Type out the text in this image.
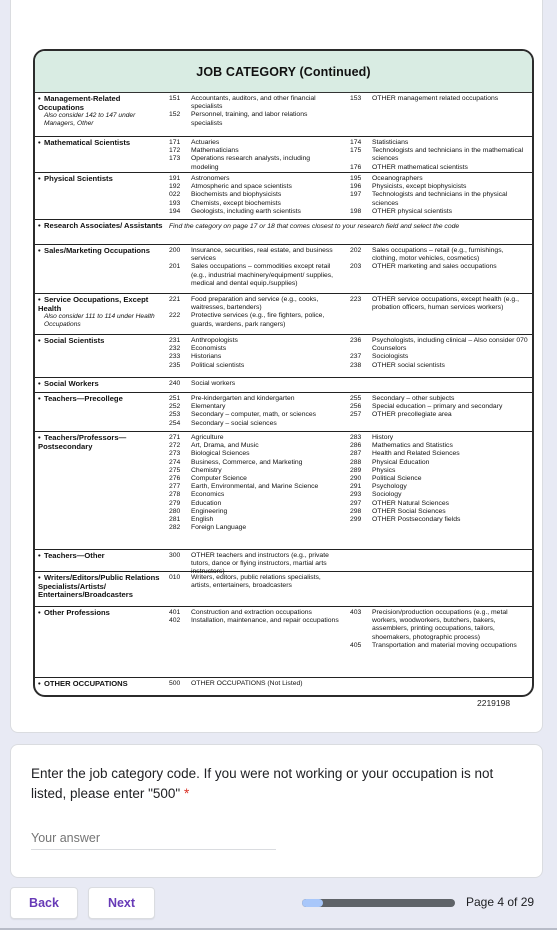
JOB CATEGORY (Continued)
• Management-Related Occupations
Also consider 142 to 147 under Managers, Other
151	Accountants, auditors, and other financial specialists
152	Personnel, training, and labor relations specialists
153	OTHER management related occupations
• Mathematical Scientists	171	Actuaries
172	Mathematicians
173	Operations research analysts, including modeling
174	Statisticians
175	Technologists and technicians in the mathematical sciences
176	OTHER mathematical scientists
• Physical Scientists	191	Astronomers
192	Atmospheric and space scientists
022	Biochemists and biophysicists
193	Chemists, except biochemists
194	Geologists, including earth scientists
195	Oceanographers
196	Physicists, except biophysicists
197	Technologists and technicians in the physical sciences
198	OTHER physical scientists
• Research Associates/ Assistants Find the category on page 17 or 18 that comes closest to your research field and select the code
• Sales/Marketing Occupations	200	Insurance, securities, real estate, and business services
201	Sales occupations – commodities except retail (e.g., industrial machinery/equipment/ supplies, medical and dental equip./supplies)
202	Sales occupations – retail (e.g., furnishings, clothing, motor vehicles, cosmetics)
203	OTHER marketing and sales occupations
• Service Occupations, Except Health
Also consider 111 to 114 under Health Occupations
221	Food preparation and service (e.g., cooks, waitresses, bartenders)
222	Protective services (e.g., fire fighters, police, guards, wardens, park rangers)
223	OTHER service occupations, except health (e.g., probation officers, human services workers)
• Social Scientists	231	Anthropologists
232	Economists
233	Historians
235	Political scientists
236	Psychologists, including clinical – Also consider 070 Counselors
237	Sociologists
238	OTHER social scientists
• Social Workers	240	Social workers
• Teachers—Precollege	251	Pre-kindergarten and kindergarten
252	Elementary
253	Secondary – computer, math, or sciences
254	Secondary – social sciences
255	Secondary – other subjects
256	Special education – primary and secondary
257	OTHER precollegiate area
• Teachers/Professors— Postsecondary
271	Agriculture
272	Art, Drama, and Music
273	Biological Sciences
274	Business, Commerce, and Marketing
275	Chemistry
276	Computer Science
277	Earth, Environmental, and Marine Science
278	Economics
279	Education
280	Engineering
281	English
282	Foreign Language
283	History
286	Mathematics and Statistics
287	Health and Related Sciences
288	Physical Education
289	Physics
290	Political Science
291	Psychology
293	Sociology
297	OTHER Natural Sciences
298	OTHER Social Sciences
299	OTHER Postsecondary fields
• Teachers—Other	300	OTHER teachers and instructors (e.g., private tutors, dance or flying instructors, martial arts instructors)
• Writers/Editors/Public Relations Specialists/Artists/ Entertainers/Broadcasters
010	Writers, editors, public relations specialists, artists, entertainers, broadcasters
• Other Professions	401	Construction and extraction occupations
402	Installation, maintenance, and repair occupations
403	Precision/production occupations (e.g., metal workers, woodworkers, butchers, bakers, assemblers, printing occupations, tailors, shoemakers, photographic process)
405	Transportation and material moving occupations
• OTHER OCCUPATIONS	500	OTHER OCCUPATIONS (Not Listed)
2219198
Enter the job category code. If you were not working or your occupation is not listed, please enter "500" *
Your answer
Back	Next	Page 4 of 29
